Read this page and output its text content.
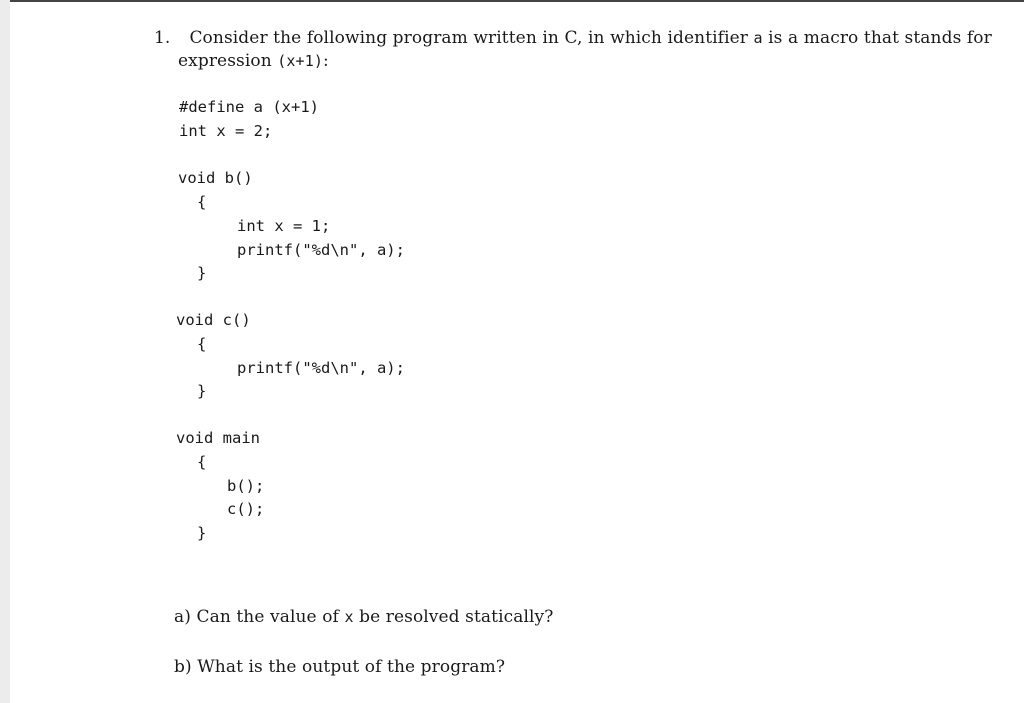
1. Consider the following program written in C, in which identifier a is a macro that stands for
expression (x+1):
#define a (x+1)
int x = 2;
void b()
{
int x = 1;
printf("%d\n", a);
}
void c()
{
printf("%d\n", a);
}
void main
{
b();
c();
}
a) Can the value of x be resolved statically?
b) What is the output of the program?
